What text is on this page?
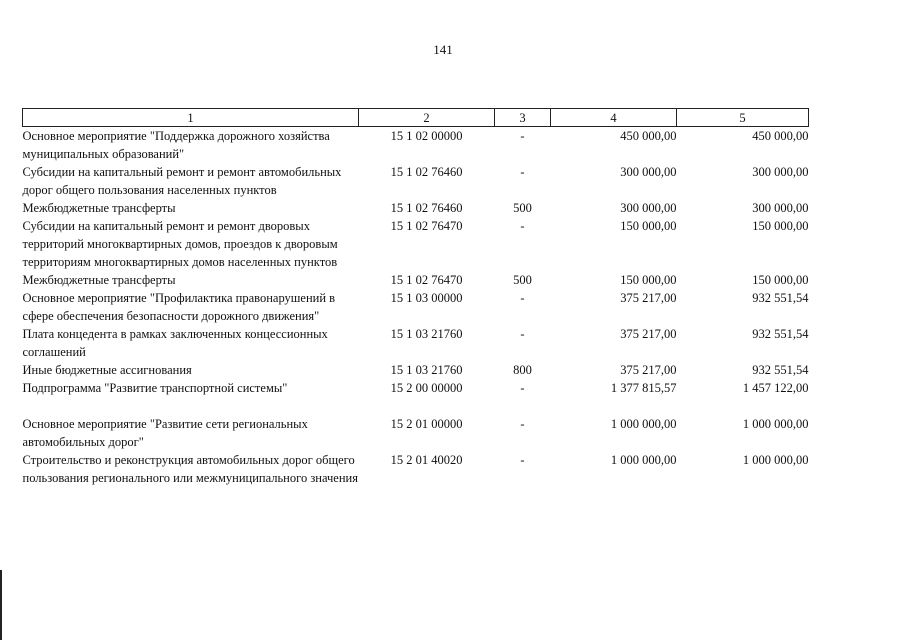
141
1	2	3	4	5
Основное мероприятие "Поддержка дорожного хозяйства муниципальных образований"	15 1 02 00000	-	450 000,00	450 000,00
Субсидии на капитальный ремонт и ремонт автомобильных дорог общего пользования населенных пунктов	15 1 02 76460	-	300 000,00	300 000,00
Межбюджетные трансферты	15 1 02 76460	500	300 000,00	300 000,00
Субсидии на капитальный ремонт и ремонт дворовых территорий многоквартирных домов, проездов к дворовым территориям многоквартирных домов населенных пунктов	15 1 02 76470	-	150 000,00	150 000,00
Межбюджетные трансферты	15 1 02 76470	500	150 000,00	150 000,00
Основное мероприятие "Профилактика правонарушений в сфере обеспечения безопасности дорожного движения"	15 1 03 00000	-	375 217,00	932 551,54
Плата концедента в рамках заключенных концессионных соглашений	15 1 03 21760	-	375 217,00	932 551,54
Иные бюджетные ассигнования	15 1 03 21760	800	375 217,00	932 551,54
Подпрограмма "Развитие транспортной системы"	15 2 00 00000	-	1 377 815,57	1 457 122,00

Основное мероприятие "Развитие сети региональных автомобильных дорог"	15 2 01 00000	-	1 000 000,00	1 000 000,00
Строительство и реконструкция автомобильных дорог общего пользования регионального или межмуниципального значения	15 2 01 40020	-	1 000 000,00	1 000 000,00
